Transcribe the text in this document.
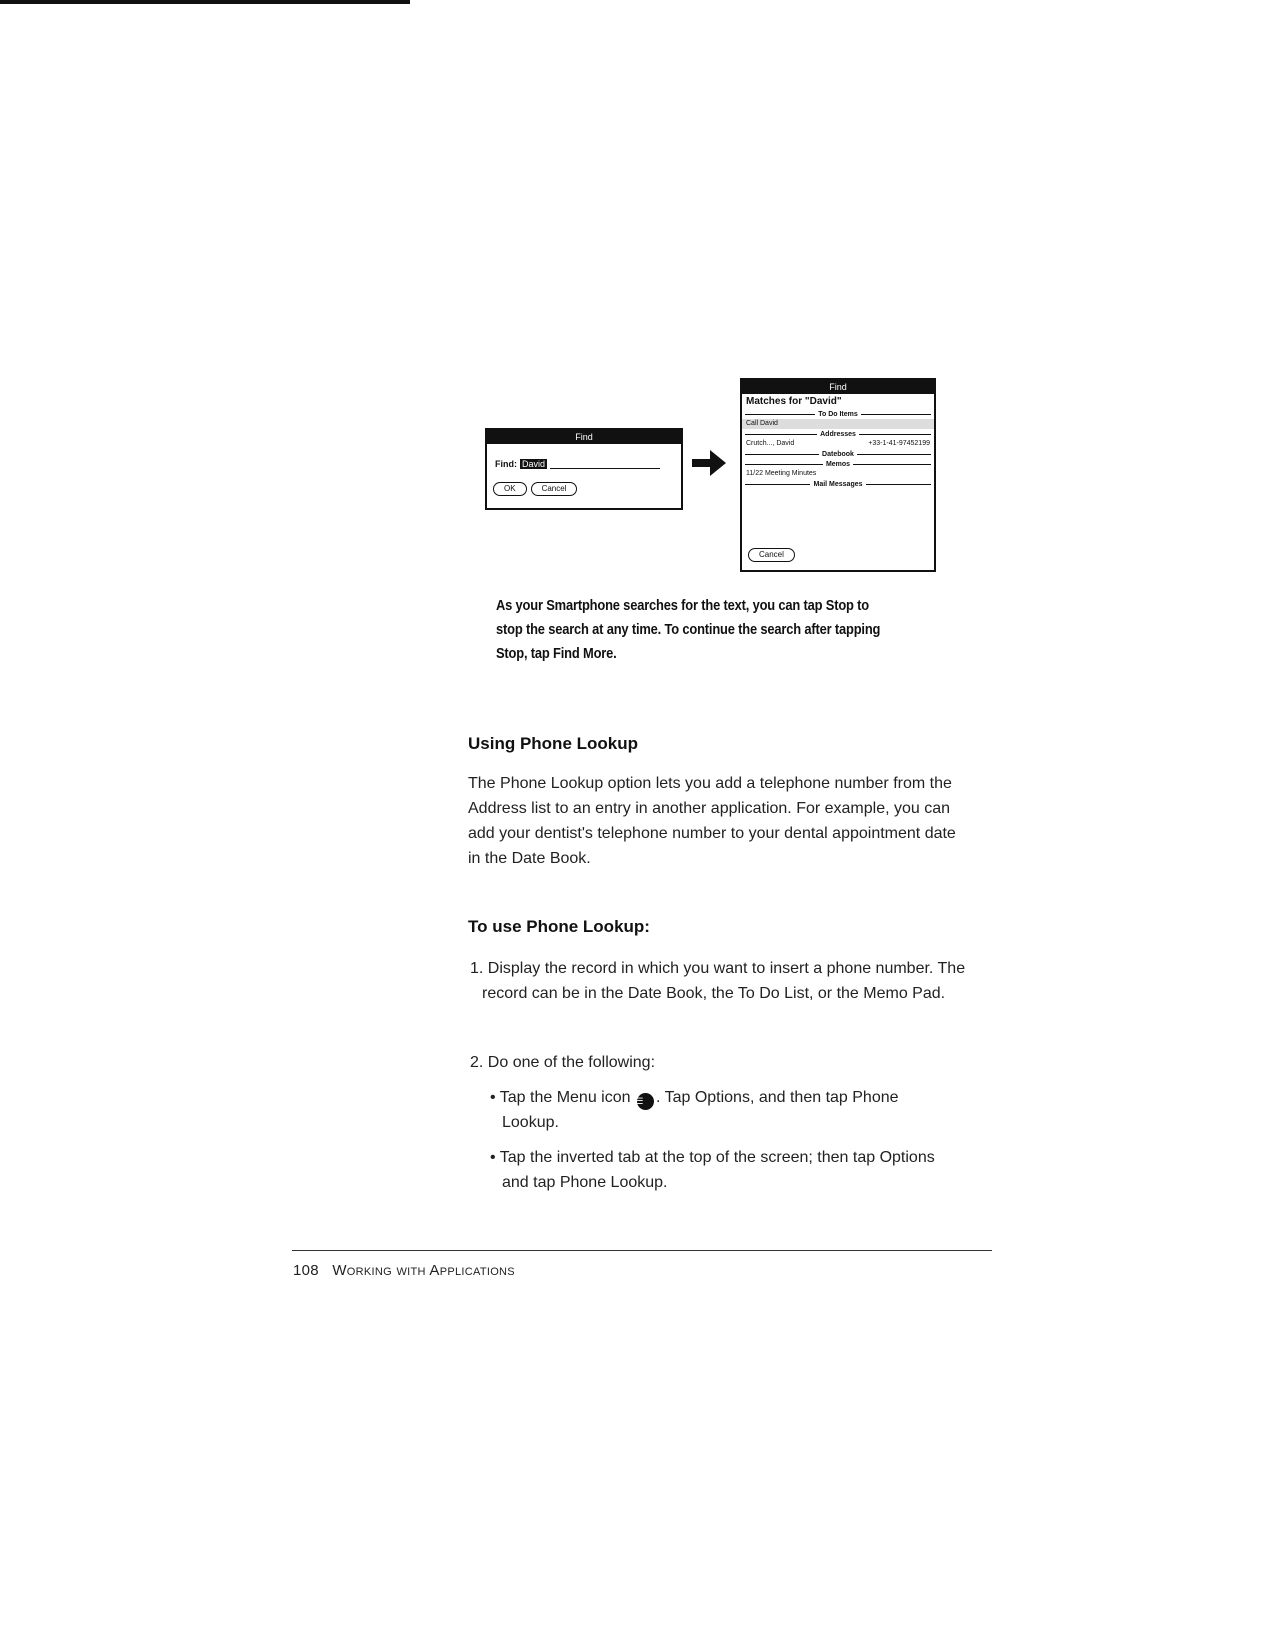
Find
Find: David
OK	Cancel
Find
Matches for "David"
To Do Items
Call David
Addresses
Crutch..., David	+33-1-41-97452199
Datebook
Memos
11/22 Meeting Minutes
Mail Messages
Cancel
As your Smartphone searches for the text, you can tap Stop to stop the search at any time. To continue the search after tapping Stop, tap Find More.
Using Phone Lookup
The Phone Lookup option lets you add a telephone number from the Address list to an entry in another application. For example, you can add your dentist's telephone number to your dental appointment date in the Date Book.
To use Phone Lookup:
1. Display the record in which you want to insert a phone number. The record can be in the Date Book, the To Do List, or the Memo Pad.
2. Do one of the following:
• Tap the Menu icon ☰ . Tap Options, and then tap Phone Lookup.
• Tap the inverted tab at the top of the screen; then tap Options and tap Phone Lookup.
108 Working with Applications
